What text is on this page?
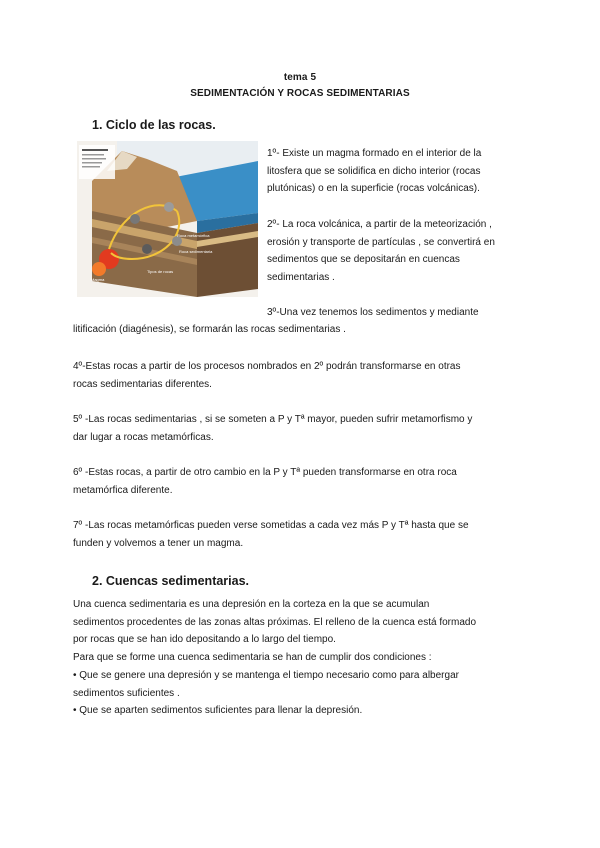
tema 5
SEDIMENTACIÓN Y ROCAS SEDIMENTARIAS
1. Ciclo de las rocas.
Roca metamórfica
Roca sedimentaria
Tipos de rocas
Magma
1º- Existe un magma formado en el interior de la
litosfera que se solidifica en dicho interior (rocas
plutónicas) o en la superficie (rocas volcánicas).
2º- La roca volcánica, a partir de la meteorización ,
erosión y transporte de partículas , se convertirá en
sedimentos que se depositarán en cuencas
sedimentarias .
3º-Una vez tenemos los sedimentos y mediante
litificación (diagénesis), se formarán las rocas sedimentarias .
4º-Estas rocas a partir de los procesos nombrados en 2º podrán transformarse en otras
rocas sedimentarias diferentes.
5º -Las rocas sedimentarias , si se someten a P y Tª mayor, pueden sufrir metamorfismo y
dar lugar a rocas metamórficas.
6º -Estas rocas, a partir de otro cambio en la P y Tª pueden transformarse en otra roca
metamórfica diferente.
7º -Las rocas metamórficas pueden verse sometidas a cada vez más P y Tª hasta que se
funden y volvemos a tener un magma.
2. Cuencas sedimentarias.
Una cuenca sedimentaria es una depresión en la corteza en la que se acumulan
sedimentos procedentes de las zonas altas próximas. El relleno de la cuenca está formado
por rocas que se han ido depositando a lo largo del tiempo.
Para que se forme una cuenca sedimentaria se han de cumplir dos condiciones :
• Que se genere una depresión y se mantenga el tiempo necesario como para albergar
sedimentos suficientes .
• Que se aparten sedimentos suficientes para llenar la depresión.
